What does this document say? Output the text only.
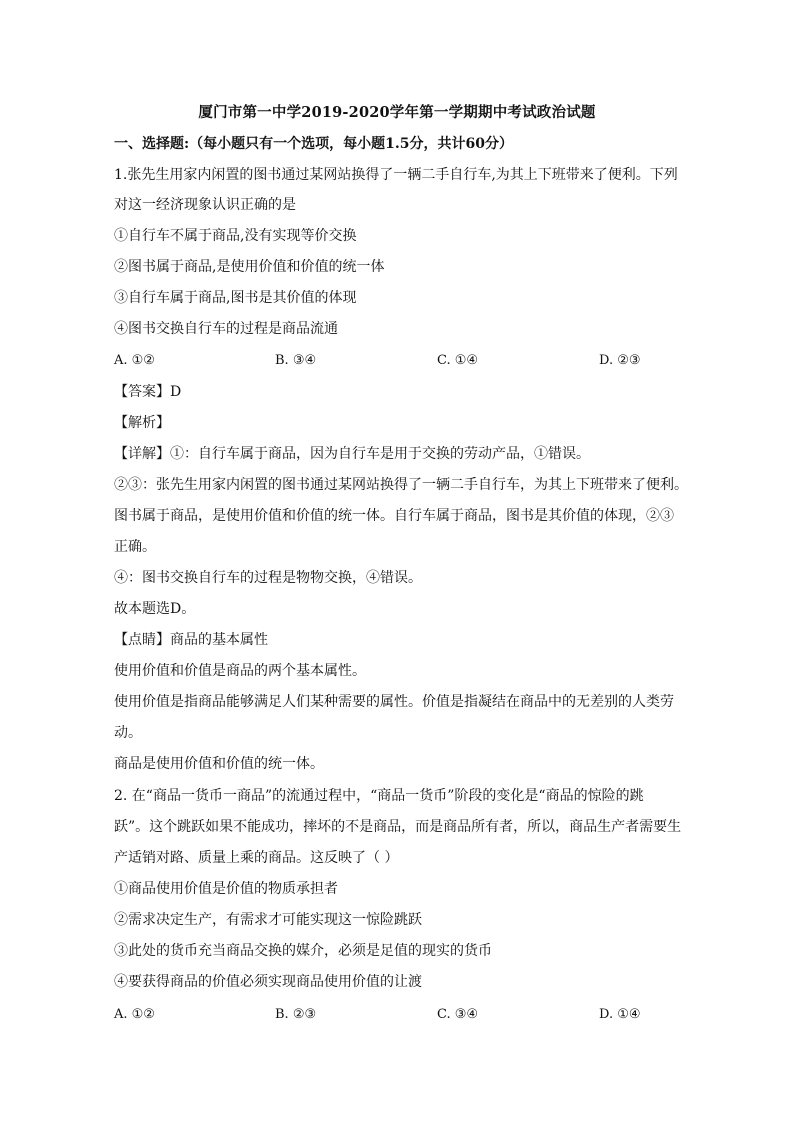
厦门市第一中学2019-2020学年第一学期期中考试政治试题
一、选择题:（每小题只有一个选项，每小题1.5分，共计60分）
1.张先生用家内闲置的图书通过某网站换得了一辆二手自行车,为其上下班带来了便利。下列
对这一经济现象认识正确的是
①自行车不属于商品,没有实现等价交换
②图书属于商品,是使用价值和价值的统一体
③自行车属于商品,图书是其价值的体现
④图书交换自行车的过程是商品流通
A. ①②	B. ③④	C. ①④	D. ②③
【答案】D
【解析】
【详解】①：自行车属于商品，因为自行车是用于交换的劳动产品，①错误。
②③：张先生用家内闲置的图书通过某网站换得了一辆二手自行车，为其上下班带来了便利。
图书属于商品，是使用价值和价值的统一体。自行车属于商品，图书是其价值的体现，②③
正确。
④：图书交换自行车的过程是物物交换，④错误。
故本题选D。
【点睛】商品的基本属性
使用价值和价值是商品的两个基本属性。
使用价值是指商品能够满足人们某种需要的属性。价值是指凝结在商品中的无差别的人类劳
动。
商品是使用价值和价值的统一体。
2. 在“商品一货币一商品”的流通过程中，“商品一货币”阶段的变化是“商品的惊险的跳
跃”。这个跳跃如果不能成功，摔坏的不是商品，而是商品所有者，所以，商品生产者需要生
产适销对路、质量上乘的商品。这反映了（ ）
①商品使用价值是价值的物质承担者
②需求决定生产，有需求才可能实现这一惊险跳跃
③此处的货币充当商品交换的媒介，必须是足值的现实的货币
④要获得商品的价值必须实现商品使用价值的让渡
A. ①②	B. ②③	C. ③④	D. ①④
